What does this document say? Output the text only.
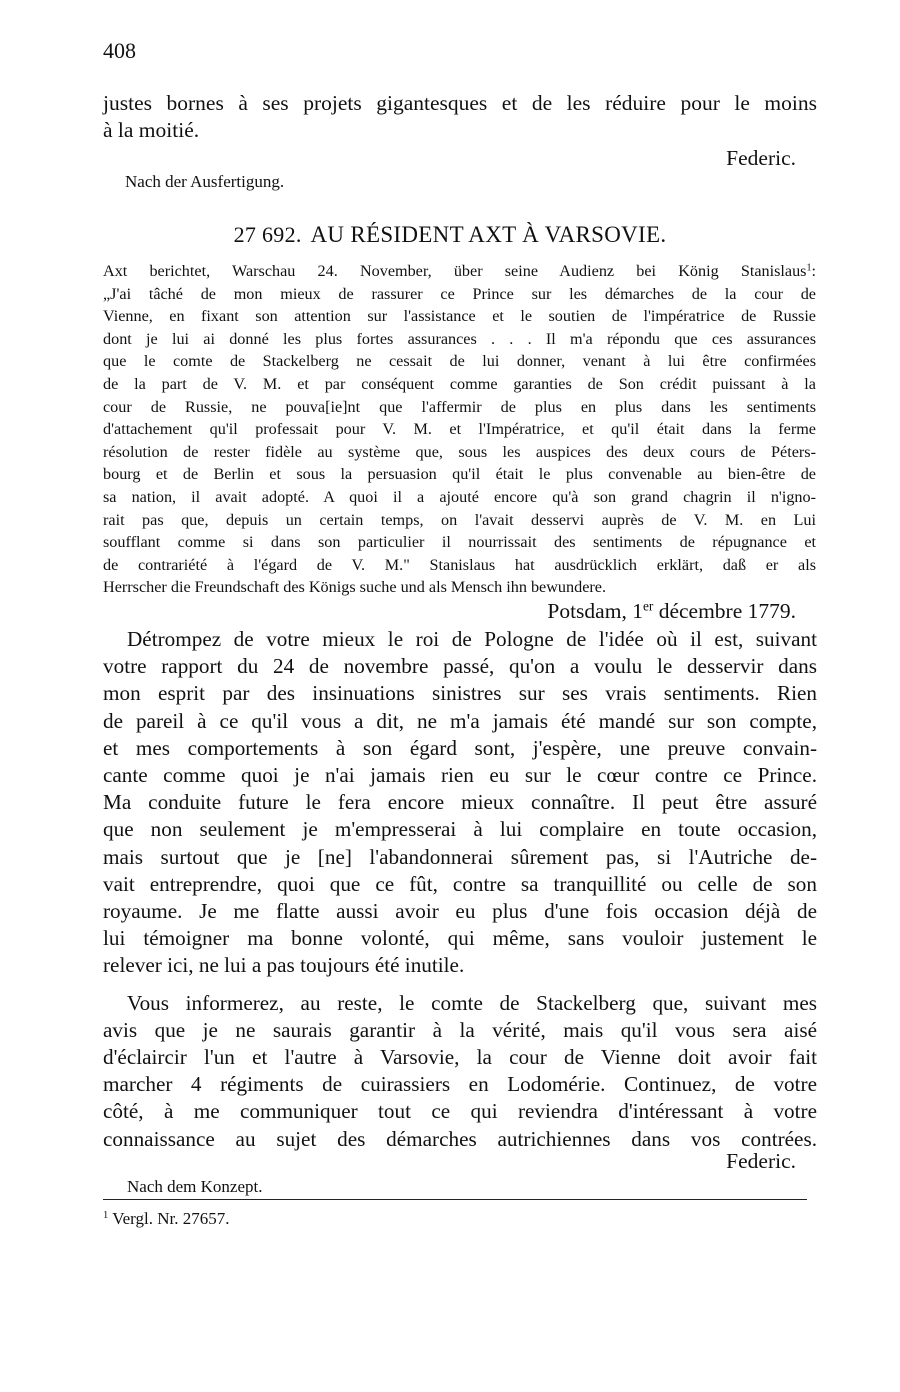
408
justes bornes à ses projets gigantesques et de les réduire pour le moins
à la moitié.
Federic.
Nach der Ausfertigung.
27 692. AU RÉSIDENT AXT À VARSOVIE.
Axt berichtet, Warschau 24. November, über seine Audienz bei König Stanislaus$^1$:
„J'ai tâché de mon mieux de rassurer ce Prince sur les démarches de la cour de
Vienne, en fixant son attention sur l'assistance et le soutien de l'impératrice de Russie
dont je lui ai donné les plus fortes assurances . . . Il m'a répondu que ces assurances
que le comte de Stackelberg ne cessait de lui donner, venant à lui être confirmées
de la part de V. M. et par conséquent comme garanties de Son crédit puissant à la
cour de Russie, ne pouva[ie]nt que l'affermir de plus en plus dans les sentiments
d'attachement qu'il professait pour V. M. et l'Impératrice, et qu'il était dans la ferme
résolution de rester fidèle au système que, sous les auspices des deux cours de Péters-
bourg et de Berlin et sous la persuasion qu'il était le plus convenable au bien-être de
sa nation, il avait adopté. A quoi il a ajouté encore qu'à son grand chagrin il n'igno-
rait pas que, depuis un certain temps, on l'avait desservi auprès de V. M. en Lui
soufflant comme si dans son particulier il nourrissait des sentiments de répugnance et
de contrariété à l'égard de V. M." Stanislaus hat ausdrücklich erklärt, daß er als
Herrscher die Freundschaft des Königs suche und als Mensch ihn bewundere.
Potsdam, 1er décembre 1779.
Détrompez de votre mieux le roi de Pologne de l'idée où il est, suivant
votre rapport du 24 de novembre passé, qu'on a voulu le desservir dans
mon esprit par des insinuations sinistres sur ses vrais sentiments. Rien
de pareil à ce qu'il vous a dit, ne m'a jamais été mandé sur son compte,
et mes comportements à son égard sont, j'espère, une preuve convain-
cante comme quoi je n'ai jamais rien eu sur le cœur contre ce Prince.
Ma conduite future le fera encore mieux connaître. Il peut être assuré
que non seulement je m'empresserai à lui complaire en toute occasion,
mais surtout que je [ne] l'abandonnerai sûrement pas, si l'Autriche de-
vait entreprendre, quoi que ce fût, contre sa tranquillité ou celle de son
royaume. Je me flatte aussi avoir eu plus d'une fois occasion déjà de
lui témoigner ma bonne volonté, qui même, sans vouloir justement le
relever ici, ne lui a pas toujours été inutile.
Vous informerez, au reste, le comte de Stackelberg que, suivant mes
avis que je ne saurais garantir à la vérité, mais qu'il vous sera aisé
d'éclaircir l'un et l'autre à Varsovie, la cour de Vienne doit avoir fait
marcher 4 régiments de cuirassiers en Lodomérie. Continuez, de votre
côté, à me communiquer tout ce qui reviendra d'intéressant à votre
connaissance au sujet des démarches autrichiennes dans vos contrées.
Federic.
Nach dem Konzept.
$^1$ Vergl. Nr. 27657.
